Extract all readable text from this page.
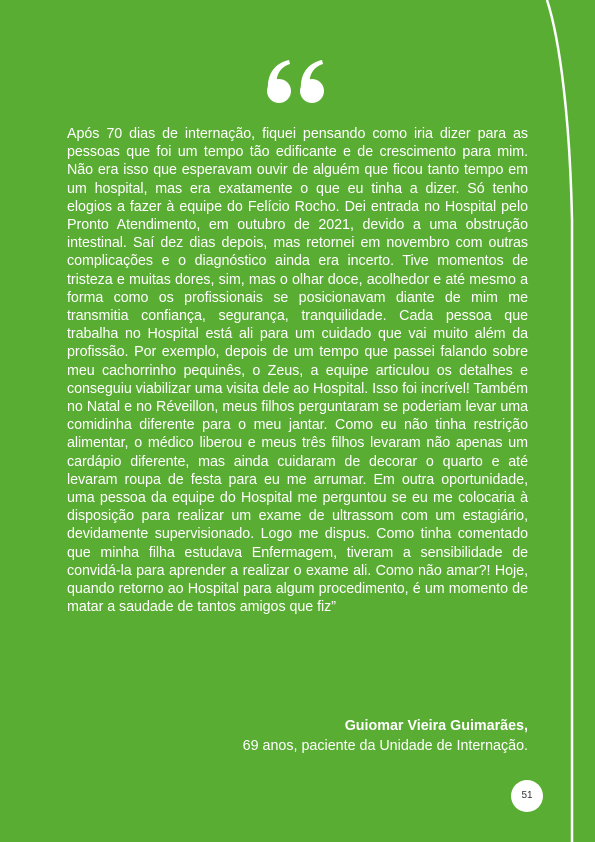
Após 70 dias de internação, fiquei pensando como iria dizer para as pessoas que foi um tempo tão edificante e de crescimento para mim. Não era isso que esperavam ouvir de alguém que ficou tanto tempo em um hospital, mas era exatamente o que eu tinha a dizer. Só tenho elogios a fazer à equipe do Felício Rocho. Dei entrada no Hospital pelo Pronto Atendimento, em outubro de 2021, devido a uma obstrução intestinal. Saí dez dias depois, mas retornei em novembro com outras complicações e o diagnóstico ainda era incerto. Tive momentos de tristeza e muitas dores, sim, mas o olhar doce, acolhedor e até mesmo a forma como os profissionais se posicionavam diante de mim me transmitia confiança, segurança, tranquilidade. Cada pessoa que trabalha no Hospital está ali para um cuidado que vai muito além da profissão. Por exemplo, depois de um tempo que passei falando sobre meu cachorrinho pequinês, o Zeus, a equipe articulou os detalhes e conseguiu viabilizar uma visita dele ao Hospital. Isso foi incrível! Também no Natal e no Réveillon, meus filhos perguntaram se poderiam levar uma comidinha diferente para o meu jantar. Como eu não tinha restrição alimentar, o médico liberou e meus três filhos levaram não apenas um cardápio diferente, mas ainda cuidaram de decorar o quarto e até levaram roupa de festa para eu me arrumar. Em outra oportunidade, uma pessoa da equipe do Hospital me perguntou se eu me colocaria à disposição para realizar um exame de ultrassom com um estagiário, devidamente supervisionado. Logo me dispus. Como tinha comentado que minha filha estudava Enfermagem, tiveram a sensibilidade de convidá-la para aprender a realizar o exame ali. Como não amar?! Hoje, quando retorno ao Hospital para algum procedimento, é um momento de matar a saudade de tantos amigos que fiz”

Guiomar Vieira Guimarães,
69 anos, paciente da Unidade de Internação.
51
